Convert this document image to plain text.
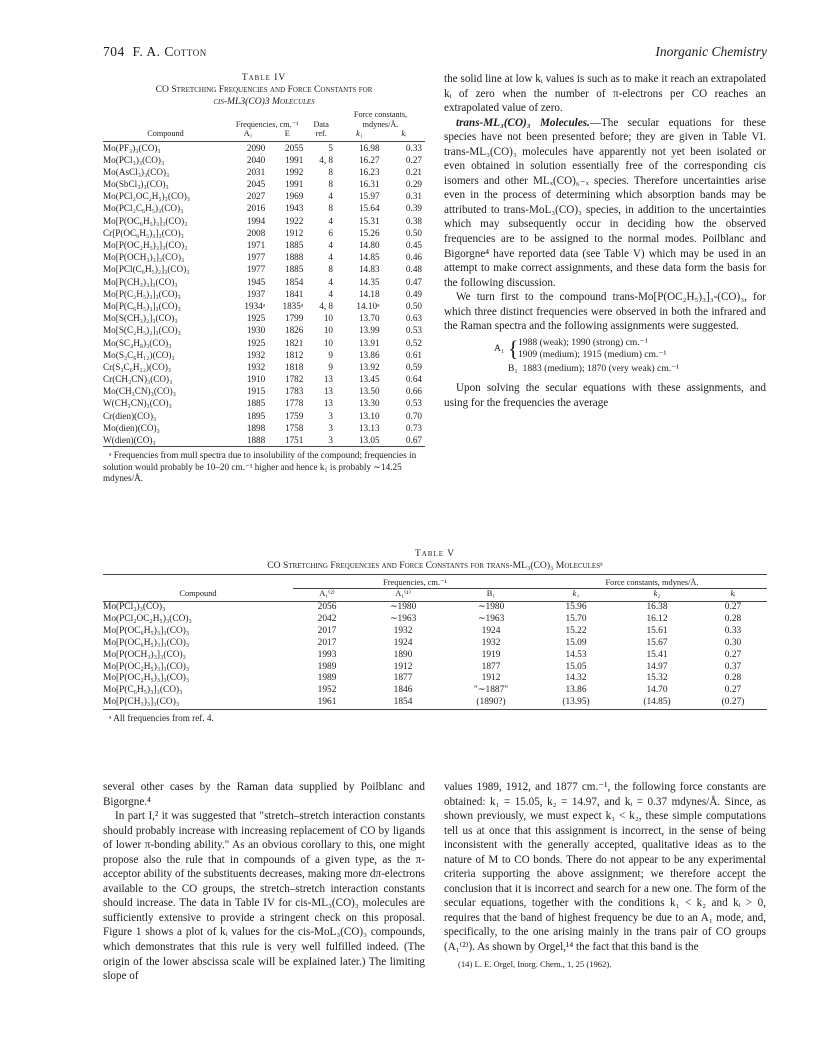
704 F. A. Cotton	Inorganic Chemistry
Table IV
CO Stretching Frequencies and Force Constants for
cis-ML3(CO)3 Molecules
				Force constants,	
	Frequencies, cm.⁻¹		Data	mdynes/Å.	
Compound	A₁	E	ref.	k₁	kᵢ

Mo(PF₃)₃(CO)₃	2090	2055	5	16.98	0.33
Mo(PCl₃)₃(CO)₃	2040	1991	4, 8	16.27	0.27
Mo(AsCl₃)₃(CO)₃	2031	1992	8	16.23	0.21
Mo(SbCl₃)₃(CO)₃	2045	1991	8	16.31	0.29
Mo(PCl₂OC₂H₅)₃(CO)₃	2027	1969	4	15.97	0.31
Mo(PCl₂C₆H₅)₃(CO)₃	2016	1943	8	15.64	0.39
Mo[P(OC₆H₅)₃]₃(CO)₃	1994	1922	4	15.31	0.38
Cr[P(OC₆H₅)₃]₃(CO)₃	2008	1912	6	15.26	0.50
Mo[P(OC₂H₅)₃]₃(CO)₃	1971	1885	4	14.80	0.45
Mo[P(OCH₃)₃]₃(CO)₃	1977	1888	4	14.85	0.46
Mo[PCl(C₆H₅)₂]₃(CO)₃	1977	1885	8	14.83	0.48
Mo[P(CH₃)₃]₃(CO)₃	1945	1854	4	14.35	0.47
Mo[P(C₂H₅)₃]₃(CO)₃	1937	1841	4	14.18	0.49
Mo[P(C₆H₅)₃]₃(CO)₃	1934ᵃ	1835ᵃ	4, 8	14.10ᵃ	0.50
Mo[S(CH₃)₂]₃(CO)₃	1925	1799	10	13.70	0.63
Mo[S(C₂H₅)₂]₃(CO)₃	1930	1826	10	13.99	0.53
Mo(SC₄H₈)₃(CO)₃	1925	1821	10	13.91	0.52
Mo(S₃C₆H₁₂)(CO)₃	1932	1812	9	13.86	0.61
Cr(S₃C₆H₁₂)(CO)₃	1932	1818	9	13.92	0.59
Cr(CH₃CN)₃(CO)₃	1910	1782	13	13.45	0.64
Mo(CH₃CN)₃(CO)₃	1915	1783	13	13.50	0.66
W(CH₃CN)₃(CO)₃	1885	1778	13	13.30	0.53
Cr(dien)(CO)₃	1895	1759	3	13.10	0.70
Mo(dien)(CO)₃	1898	1758	3	13.13	0.73
W(dien)(CO)₃	1888	1751	3	13.05	0.67
ᵃ Frequencies from mull spectra due to insolubility of the compound; frequencies in solution would probably be 10–20 cm.⁻¹ higher and hence k₁ is probably ∼14.25 mdynes/Å.

the solid line at low kᵢ values is such as to make it reach an extrapolated kᵢ of zero when the number of π-electrons per CO reaches an extrapolated value of zero.

trans-ML₃(CO)₃ Molecules.—The secular equations for these species have not been presented before; they are given in Table VI. trans-ML₃(CO)₃ molecules have apparently not yet been isolated or even obtained in solution essentially free of the corresponding cis isomers and other MLₓ(CO)₆₋ₓ species. Therefore uncertainties arise even in the process of determining which absorption bands may be attributed to trans-MoL₃(CO)₃ species, in addition to the uncertainties which may subsequently occur in deciding how the observed frequencies are to be assigned to the normal modes. Poilblanc and Bigorgne⁴ have reported data (see Table V) which may be used in an attempt to make correct assignments, and these data form the basis for the following discussion.

We turn first to the compound trans-Mo[P(OC₂H₅)₃]₃-(CO)₃, for which three distinct frequencies were observed in both the infrared and the Raman spectra and the following assignments were suggested.

A₁ { 1988 (weak); 1990 (strong) cm.⁻¹
1909 (medium); 1915 (medium) cm.⁻¹
B₁ 1883 (medium); 1870 (very weak) cm.⁻¹

Upon solving the secular equations with these assignments, and using for the frequencies the average

Table V
CO Stretching Frequencies and Force Constants for trans-ML₃(CO)₃ Moleculesᵃ

	Frequencies, cm.⁻¹			Force constants, mdynes/Å.		
Compound	A₁⁽²⁾	A₁⁽¹⁾	B₁	k₁	k₂	kᵢ

Mo(PCl₃)₃(CO)₃	2056	∼1980	∼1980	15.96	16.38	0.27
Mo(PCl₂OC₂H₅)₃(CO)₃	2042	∼1963	∼1963	15.70	16.12	0.28
Mo[P(OC₆H₅)₃]₃(CO)₃	2017	1932	1924	15.22	15.61	0.33
Mo[P(OC₆H₅)₃]₃(CO)₃	2017	1924	1932	15.09	15.67	0.30
Mo[P(OCH₃)₃]₃(CO)₃	1993	1890	1919	14.53	15.41	0.27
Mo[P(OC₂H₅)₃]₃(CO)₃	1989	1912	1877	15.05	14.97	0.37
Mo[P(OC₂H₅)₃]₃(CO)₃	1989	1877	1912	14.32	15.32	0.28
Mo[P(C₆H₅)₃]₃(CO)₃	1952	1846	"∼1887"	13.86	14.70	0.27
Mo[P(CH₃)₃]₃(CO)₃	1961	1854	(1890?)	(13.95)	(14.85)	(0.27)
ᵃ All frequencies from ref. 4.

several other cases by the Raman data supplied by Poilblanc and Bigorgne.⁴

In part I,² it was suggested that "stretch–stretch interaction constants should probably increase with increasing replacement of CO by ligands of lower π-bonding ability." As an obvious corollary to this, one might propose also the rule that in compounds of a given type, as the π-acceptor ability of the substituents decreases, making more dπ-electrons available to the CO groups, the stretch–stretch interaction constants should increase. The data in Table IV for cis-ML₃(CO)₃ molecules are sufficiently extensive to provide a stringent check on this proposal. Figure 1 shows a plot of kᵢ values for the cis-MoL₃(CO)₃ compounds, which demonstrates that this rule is very well fulfilled indeed. (The origin of the lower abscissa scale will be explained later.) The limiting slope of

values 1989, 1912, and 1877 cm.⁻¹, the following force constants are obtained: k₁ = 15.05, k₂ = 14.97, and kᵢ = 0.37 mdynes/Å. Since, as shown previously, we must expect k₁ < k₂, these simple computations tell us at once that this assignment is incorrect, in the sense of being inconsistent with the generally accepted, qualitative ideas as to the nature of M to CO bonds. There do not appear to be any experimental criteria supporting the above assignment; we therefore accept the conclusion that it is incorrect and search for a new one. The form of the secular equations, together with the conditions k₁ < k₂ and kᵢ > 0, requires that the band of highest frequency be due to an A₁ mode, and, specifically, to the one arising mainly in the trans pair of CO groups (A₁⁽²⁾). As shown by Orgel,¹⁴ the fact that this band is the

(14) L. E. Orgel, Inorg. Chem., 1, 25 (1962).
